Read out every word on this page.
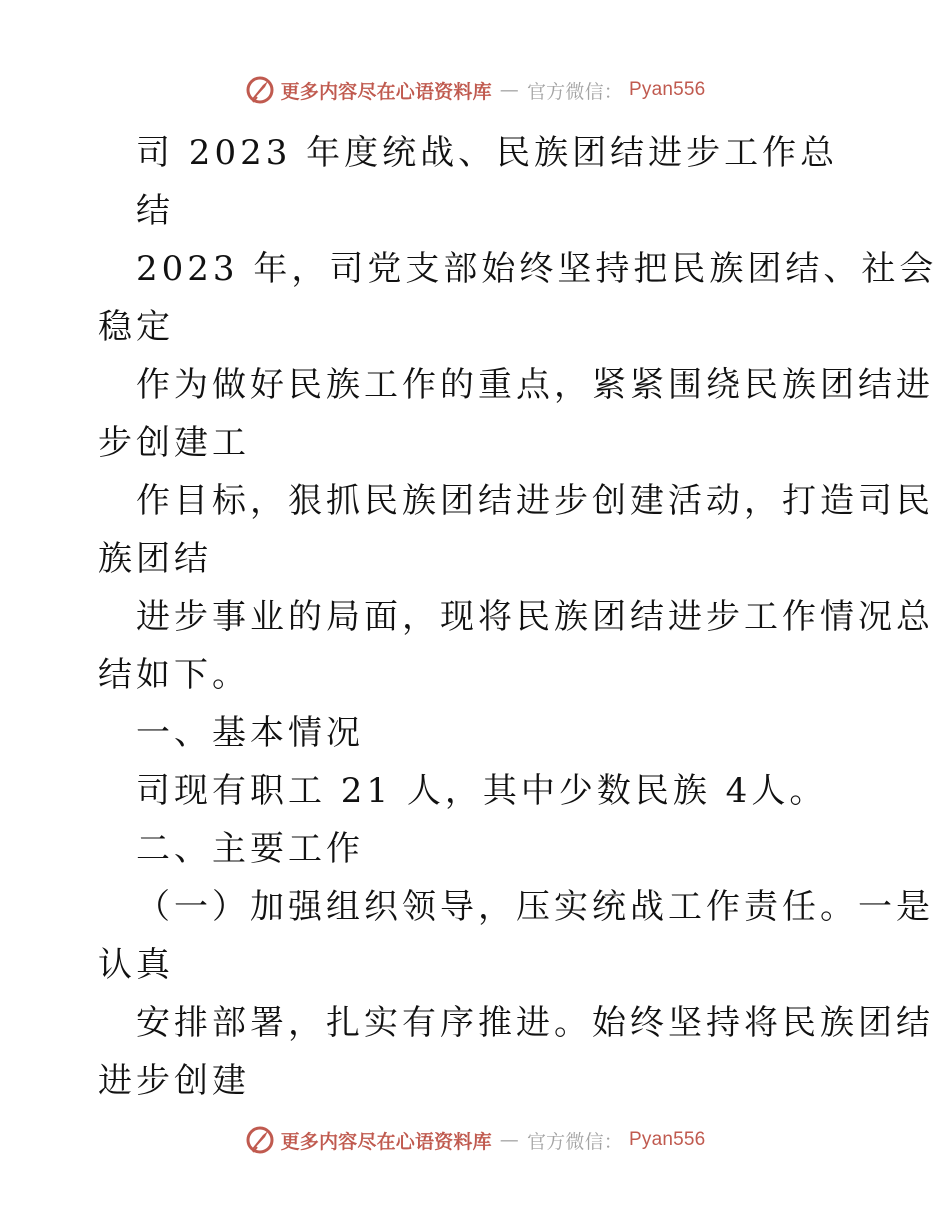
更多内容尽在心语资料库 — 官方微信： Pyan556

司 2023 年度统战、民族团结进步工作总

结

2023 年，司党支部始终坚持把民族团结、社会

稳定

作为做好民族工作的重点，紧紧围绕民族团结进

步创建工

作目标，狠抓民族团结进步创建活动，打造司民

族团结

进步事业的局面，现将民族团结进步工作情况总

结如下。

一、基本情况

司现有职工 21 人，其中少数民族 4人。

二、主要工作

（一）加强组织领导，压实统战工作责任。一是

认真

安排部署，扎实有序推进。始终坚持将民族团结

进步创建

更多内容尽在心语资料库 — 官方微信： Pyan556
